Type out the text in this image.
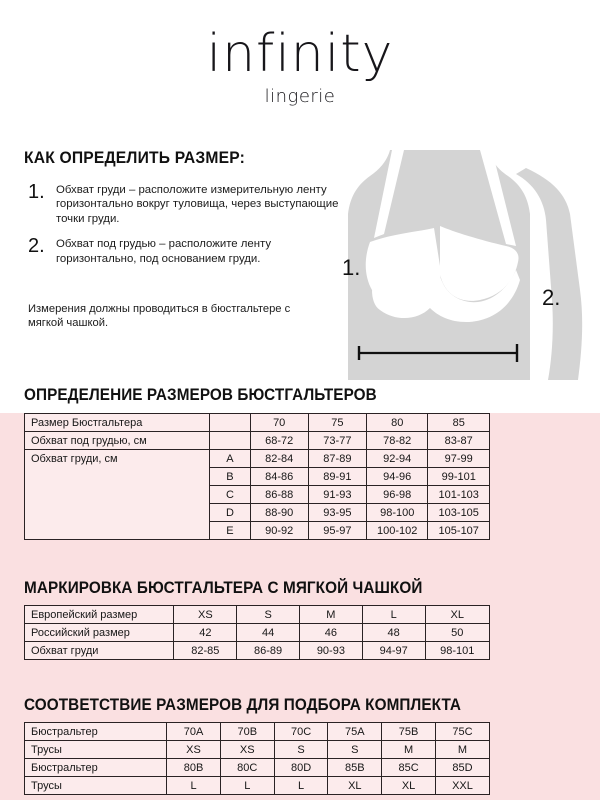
infinity
lingerie
КАК ОПРЕДЕЛИТЬ РАЗМЕР:
1. Обхват груди – расположите измерительную ленту горизонтально вокруг туловища, через выступающие точки груди.
2. Обхват под грудью – расположите ленту горизонтально, под основанием груди.
Измерения должны проводиться в бюстгальтере с мягкой чашкой.
1.
2.
ОПРЕДЕЛЕНИЕ РАЗМЕРОВ БЮСТГАЛЬТЕРОВ
Размер Бюстгальтера		70	75	80	85
Обхват под грудью, см		68-72	73-77	78-82	83-87
Обхват груди, см	A	82-84	87-89	92-94	97-99
	B	84-86	89-91	94-96	99-101
	C	86-88	91-93	96-98	101-103
	D	88-90	93-95	98-100	103-105
	E	90-92	95-97	100-102	105-107
МАРКИРОВКА БЮСТГАЛЬТЕРА С МЯГКОЙ ЧАШКОЙ
Европейский размер	XS	S	M	L	XL
Российский размер	42	44	46	48	50
Обхват груди	82-85	86-89	90-93	94-97	98-101
СООТВЕТСТВИЕ РАЗМЕРОВ ДЛЯ ПОДБОРА КОМПЛЕКТА
Бюстральтер	70A	70B	70C	75A	75B	75C
Трусы	XS	XS	S	S	M	M
Бюстральтер	80B	80C	80D	85B	85C	85D
Трусы	L	L	L	XL	XL	XXL
